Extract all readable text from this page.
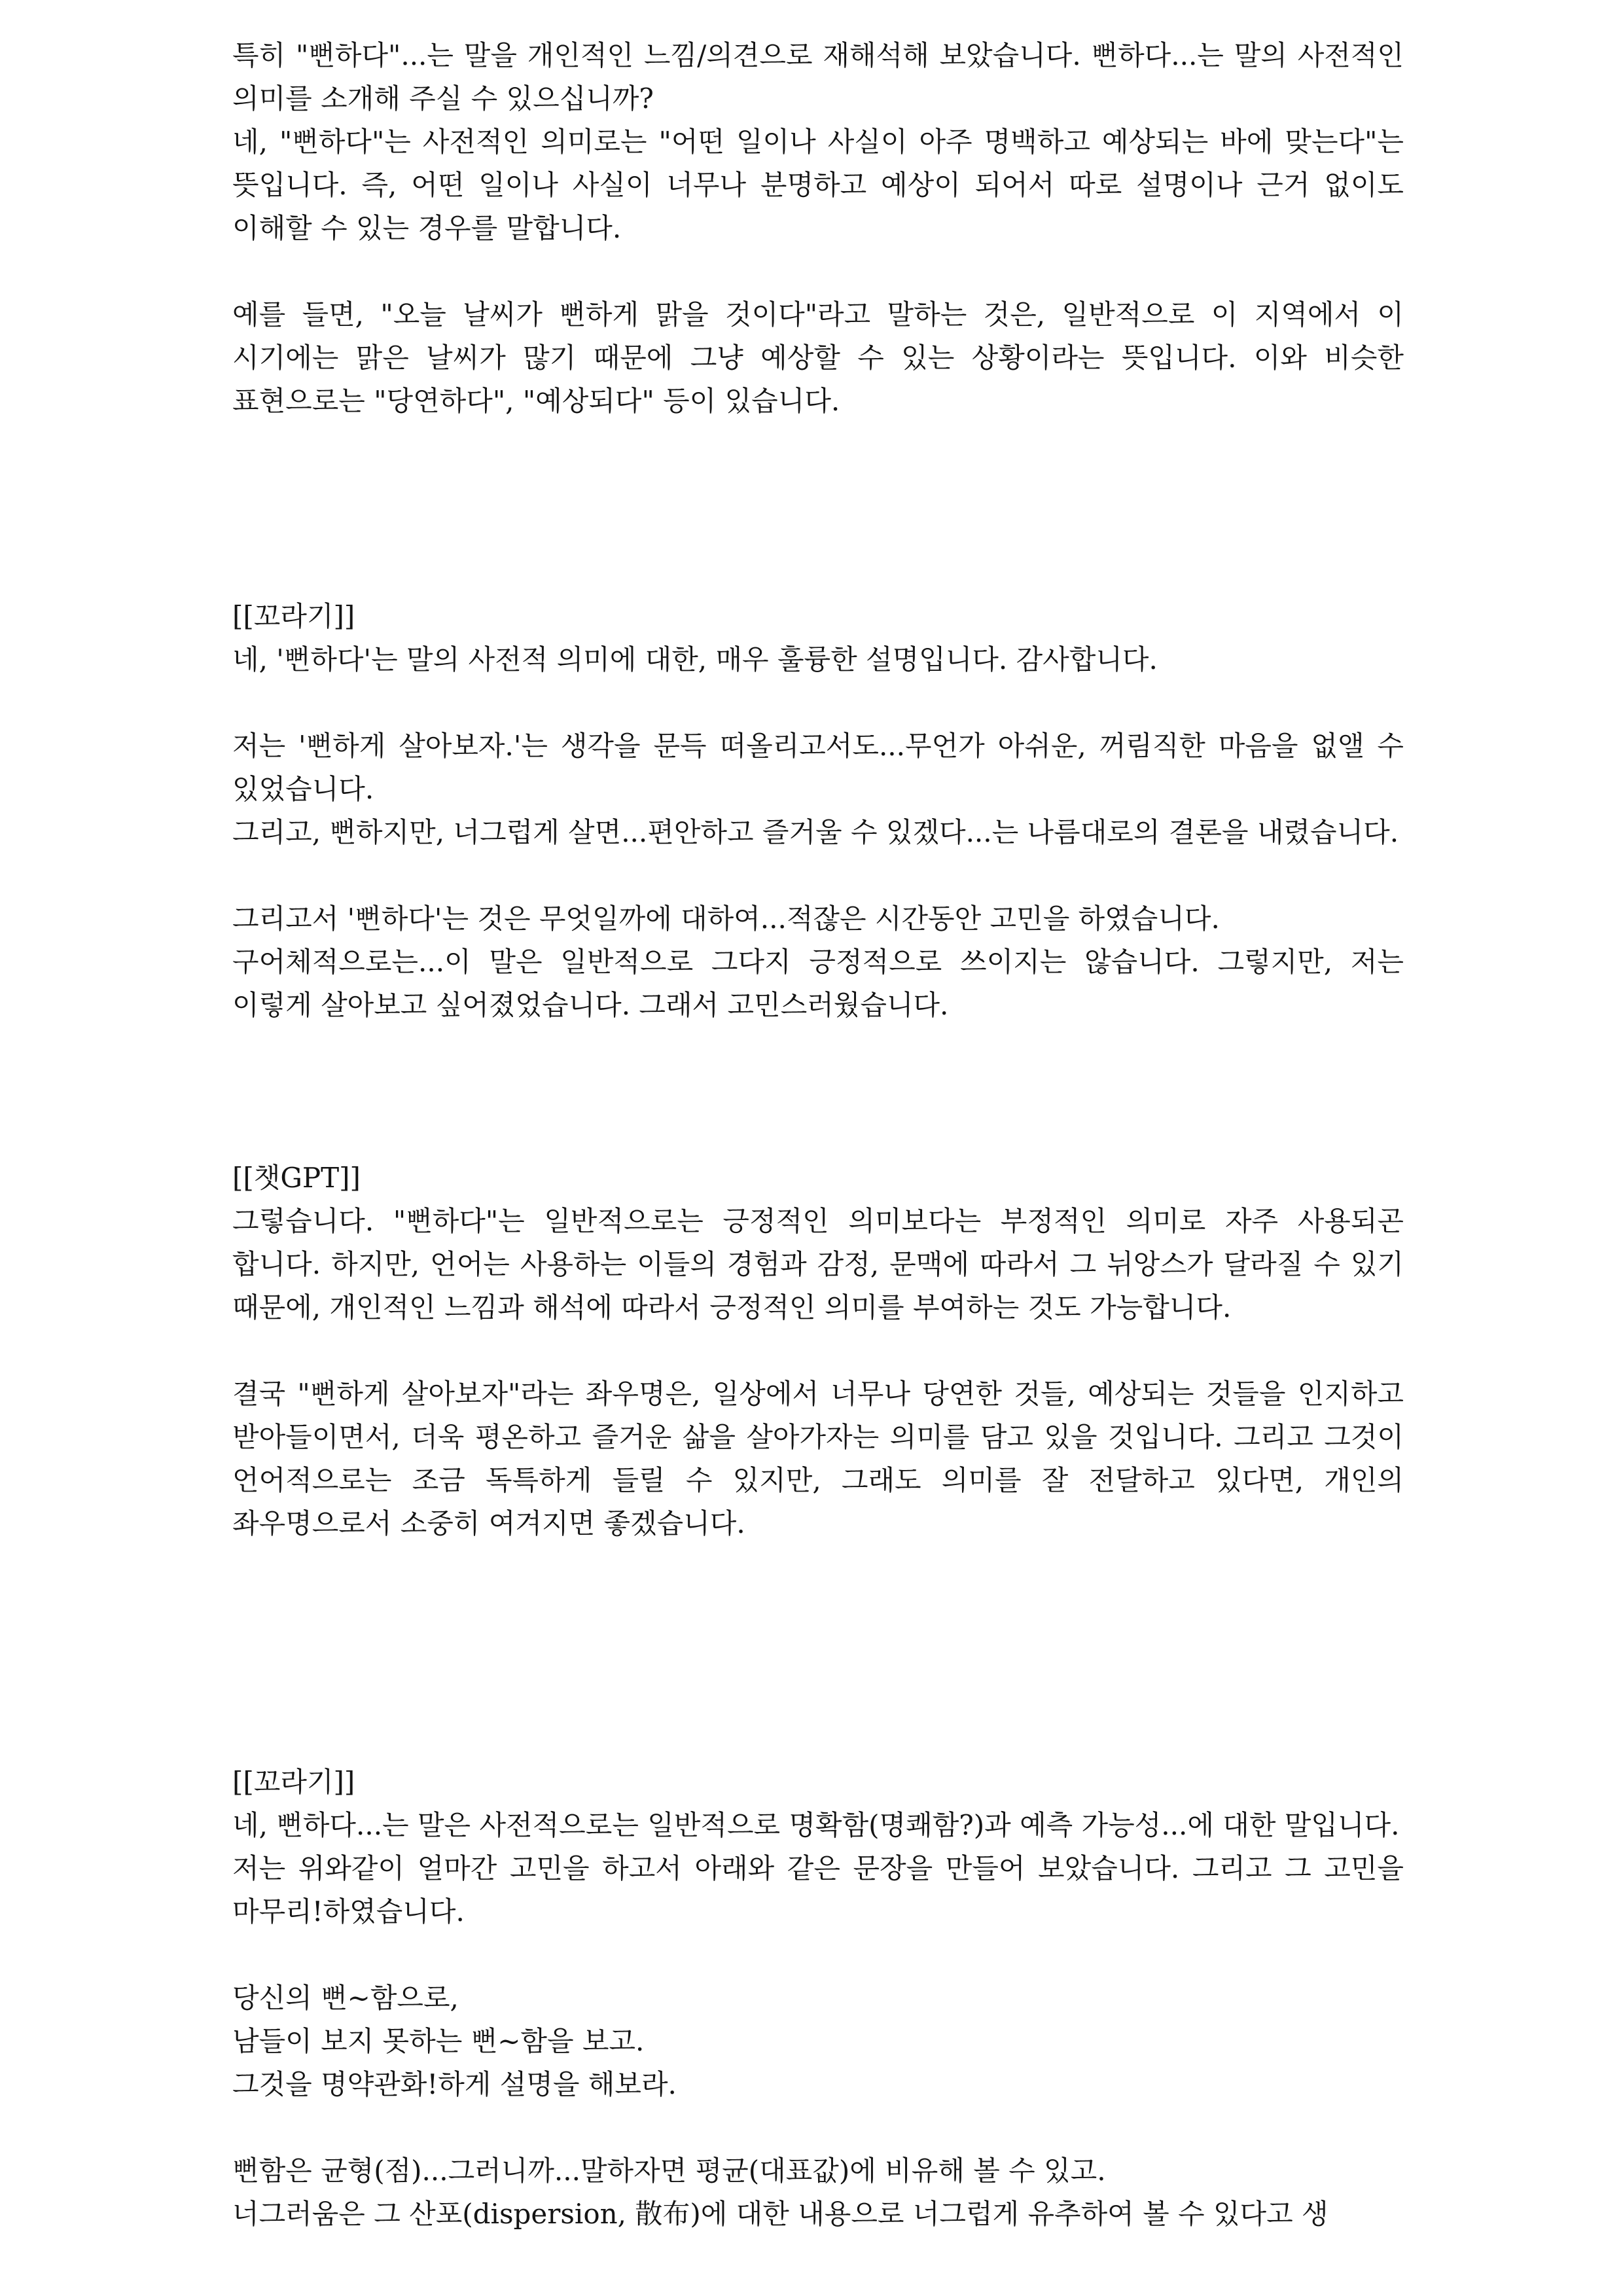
특히 "뻔하다"...는 말을 개인적인 느낌/의견으로 재해석해 보았습니다. 뻔하다...는 말의 사전적인 의미를 소개해 주실 수 있으십니까?

네, "뻔하다"는 사전적인 의미로는 "어떤 일이나 사실이 아주 명백하고 예상되는 바에 맞는다"는 뜻입니다. 즉, 어떤 일이나 사실이 너무나 분명하고 예상이 되어서 따로 설명이나 근거 없이도 이해할 수 있는 경우를 말합니다.

예를 들면, "오늘 날씨가 뻔하게 맑을 것이다"라고 말하는 것은, 일반적으로 이 지역에서 이 시기에는 맑은 날씨가 많기 때문에 그냥 예상할 수 있는 상황이라는 뜻입니다. 이와 비슷한 표현으로는 "당연하다", "예상되다" 등이 있습니다.

[[꼬라기]]

네, '뻔하다'는 말의 사전적 의미에 대한, 매우 훌륭한 설명입니다. 감사합니다.

저는 '뻔하게 살아보자.'는 생각을 문득 떠올리고서도...무언가 아쉬운, 꺼림직한 마음을 없앨 수 있었습니다.

그리고, 뻔하지만, 너그럽게 살면...편안하고 즐거울 수 있겠다...는 나름대로의 결론을 내렸습니다.

그리고서 '뻔하다'는 것은 무엇일까에 대하여...적잖은 시간동안 고민을 하였습니다.

구어체적으로는...이 말은 일반적으로 그다지 긍정적으로 쓰이지는 않습니다. 그렇지만, 저는 이렇게 살아보고 싶어졌었습니다. 그래서 고민스러웠습니다.

[[챗GPT]]

그렇습니다. "뻔하다"는 일반적으로는 긍정적인 의미보다는 부정적인 의미로 자주 사용되곤 합니다. 하지만, 언어는 사용하는 이들의 경험과 감정, 문맥에 따라서 그 뉘앙스가 달라질 수 있기 때문에, 개인적인 느낌과 해석에 따라서 긍정적인 의미를 부여하는 것도 가능합니다.

결국 "뻔하게 살아보자"라는 좌우명은, 일상에서 너무나 당연한 것들, 예상되는 것들을 인지하고 받아들이면서, 더욱 평온하고 즐거운 삶을 살아가자는 의미를 담고 있을 것입니다. 그리고 그것이 언어적으로는 조금 독특하게 들릴 수 있지만, 그래도 의미를 잘 전달하고 있다면, 개인의 좌우명으로서 소중히 여겨지면 좋겠습니다.

[[꼬라기]]

네, 뻔하다...는 말은 사전적으로는 일반적으로 명확함(명쾌함?)과 예측 가능성...에 대한 말입니다.

저는 위와같이 얼마간 고민을 하고서 아래와 같은 문장을 만들어 보았습니다. 그리고 그 고민을 마무리!하였습니다.

당신의 뻔~함으로,

남들이 보지 못하는 뻔~함을 보고.

그것을 명약관화!하게 설명을 해보라.

뻔함은 균형(점)...그러니까...말하자면 평균(대표값)에 비유해 볼 수 있고.

너그러움은 그 산포(dispersion, 散布)에 대한 내용으로 너그럽게 유추하여 볼 수 있다고 생
